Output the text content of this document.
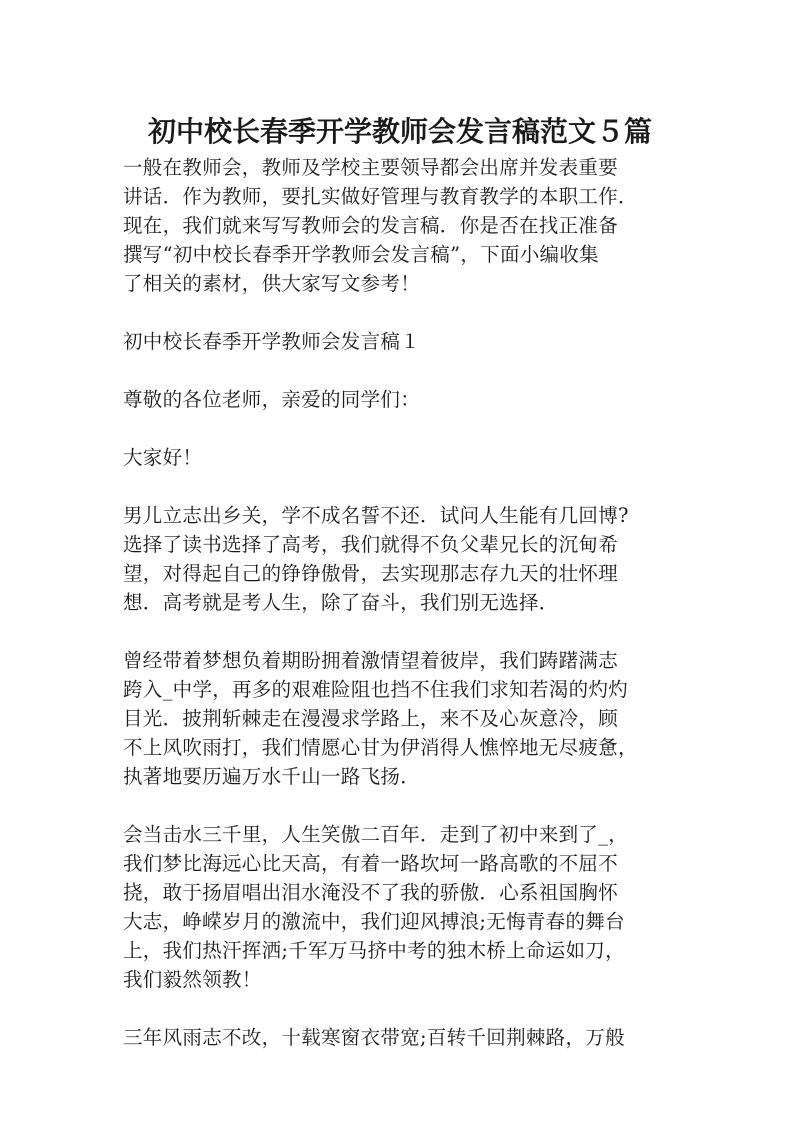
初中校长春季开学教师会发言稿范文５篇

一般在教师会，教师及学校主要领导都会出席并发表重要
讲话．作为教师，要扎实做好管理与教育教学的本职工作．
现在，我们就来写写教师会的发言稿．你是否在找正准备
撰写“初中校长春季开学教师会发言稿”，下面小编收集
了相关的素材，供大家写文参考！

初中校长春季开学教师会发言稿１

尊敬的各位老师，亲爱的同学们：

大家好！

男儿立志出乡关，学不成名誓不还．试问人生能有几回博?
选择了读书选择了高考，我们就得不负父辈兄长的沉甸希
望，对得起自己的铮铮傲骨，去实现那志存九天的壮怀理
想．高考就是考人生，除了奋斗，我们别无选择．

曾经带着梦想负着期盼拥着激情望着彼岸，我们踌躇满志
跨入_中学，再多的艰难险阻也挡不住我们求知若渴的灼灼
目光．披荆斩棘走在漫漫求学路上，来不及心灰意冷，顾
不上风吹雨打，我们情愿心甘为伊消得人憔悴地无尽疲惫，
执著地要历遍万水千山一路飞扬．

会当击水三千里，人生笑傲二百年．走到了初中来到了_，
我们梦比海远心比天高，有着一路坎坷一路高歌的不屈不
挠，敢于扬眉唱出泪水淹没不了我的骄傲．心系祖国胸怀
大志，峥嵘岁月的激流中，我们迎风搏浪;无悔青春的舞台
上，我们热汗挥洒;千军万马挤中考的独木桥上命运如刀，
我们毅然领教！

三年风雨志不改，十载寒窗衣带宽;百转千回荆棘路，万般
